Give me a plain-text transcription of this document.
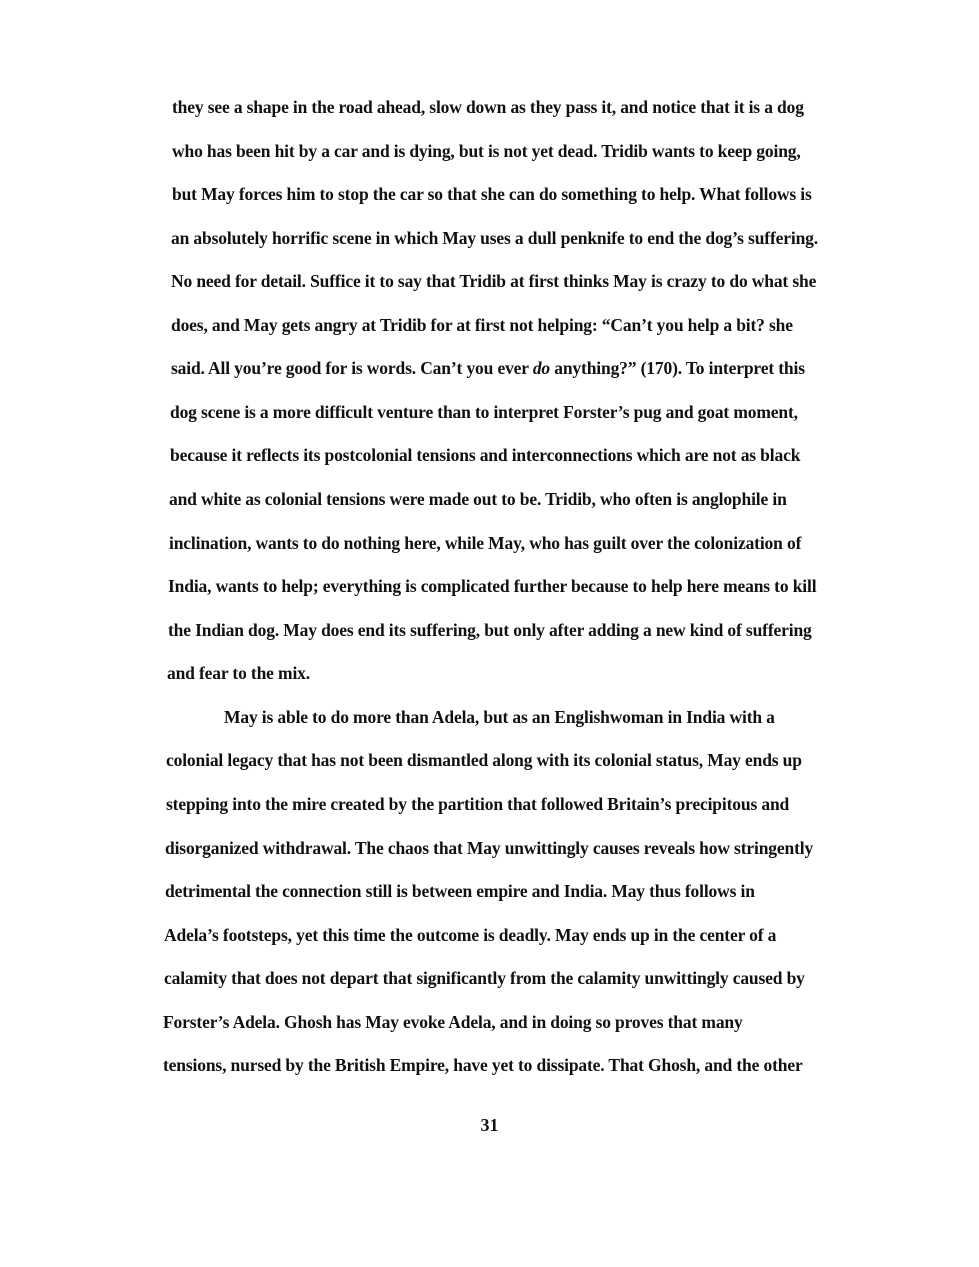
they see a shape in the road ahead, slow down as they pass it, and notice that it is a dog
who has been hit by a car and is dying, but is not yet dead. Tridib wants to keep going,
but May forces him to stop the car so that she can do something to help. What follows is
an absolutely horrific scene in which May uses a dull penknife to end the dog’s suffering.
No need for detail. Suffice it to say that Tridib at first thinks May is crazy to do what she
does, and May gets angry at Tridib for at first not helping: “Can’t you help a bit? she
said. All you’re good for is words. Can’t you ever do anything?” (170). To interpret this
dog scene is a more difficult venture than to interpret Forster’s pug and goat moment,
because it reflects its postcolonial tensions and interconnections which are not as black
and white as colonial tensions were made out to be. Tridib, who often is anglophile in
inclination, wants to do nothing here, while May, who has guilt over the colonization of
India, wants to help; everything is complicated further because to help here means to kill
the Indian dog. May does end its suffering, but only after adding a new kind of suffering
and fear to the mix.
May is able to do more than Adela, but as an Englishwoman in India with a
colonial legacy that has not been dismantled along with its colonial status, May ends up
stepping into the mire created by the partition that followed Britain’s precipitous and
disorganized withdrawal. The chaos that May unwittingly causes reveals how stringently
detrimental the connection still is between empire and India. May thus follows in
Adela’s footsteps, yet this time the outcome is deadly. May ends up in the center of a
calamity that does not depart that significantly from the calamity unwittingly caused by
Forster’s Adela. Ghosh has May evoke Adela, and in doing so proves that many
tensions, nursed by the British Empire, have yet to dissipate. That Ghosh, and the other
31
